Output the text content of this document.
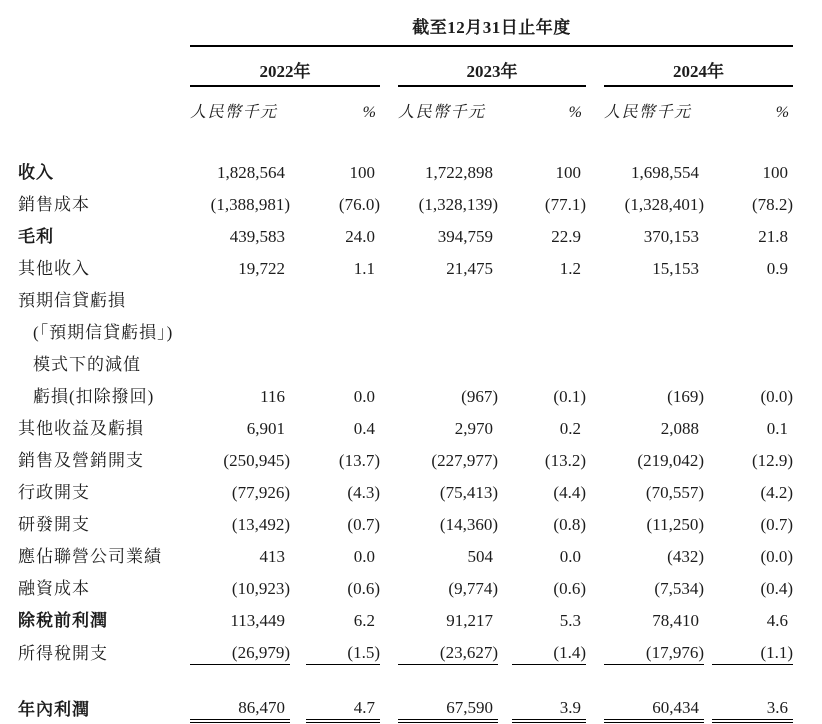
	截至12月31日止年度										
	2022年				2023年				2024年		
	人民幣千元		%		人民幣千元		%		人民幣千元		%
收入	1,828,564		100		1,722,898		100		1,698,554		100
銷售成本	(1,388,981)		(76.0)		(1,328,139)		(77.1)		(1,328,401)		(78.2)
毛利	439,583		24.0		394,759		22.9		370,153		21.8
其他收入	19,722		1.1		21,475		1.2		15,153		0.9
預期信貸虧損											
(「預期信貸虧損」)											
模式下的減值											
虧損(扣除撥回)	116		0.0		(967)		(0.1)		(169)		(0.0)
其他收益及虧損	6,901		0.4		2,970		0.2		2,088		0.1
銷售及營銷開支	(250,945)		(13.7)		(227,977)		(13.2)		(219,042)		(12.9)
行政開支	(77,926)		(4.3)		(75,413)		(4.4)		(70,557)		(4.2)
研發開支	(13,492)		(0.7)		(14,360)		(0.8)		(11,250)		(0.7)
應佔聯營公司業績	413		0.0		504		0.0		(432)		(0.0)
融資成本	(10,923)		(0.6)		(9,774)		(0.6)		(7,534)		(0.4)
除稅前利潤	113,449		6.2		91,217		5.3		78,410		4.6
所得稅開支	(26,979)		(1.5)		(23,627)		(1.4)		(17,976)		(1.1)

年內利潤	86,470		4.7		67,590		3.9		60,434		3.6
